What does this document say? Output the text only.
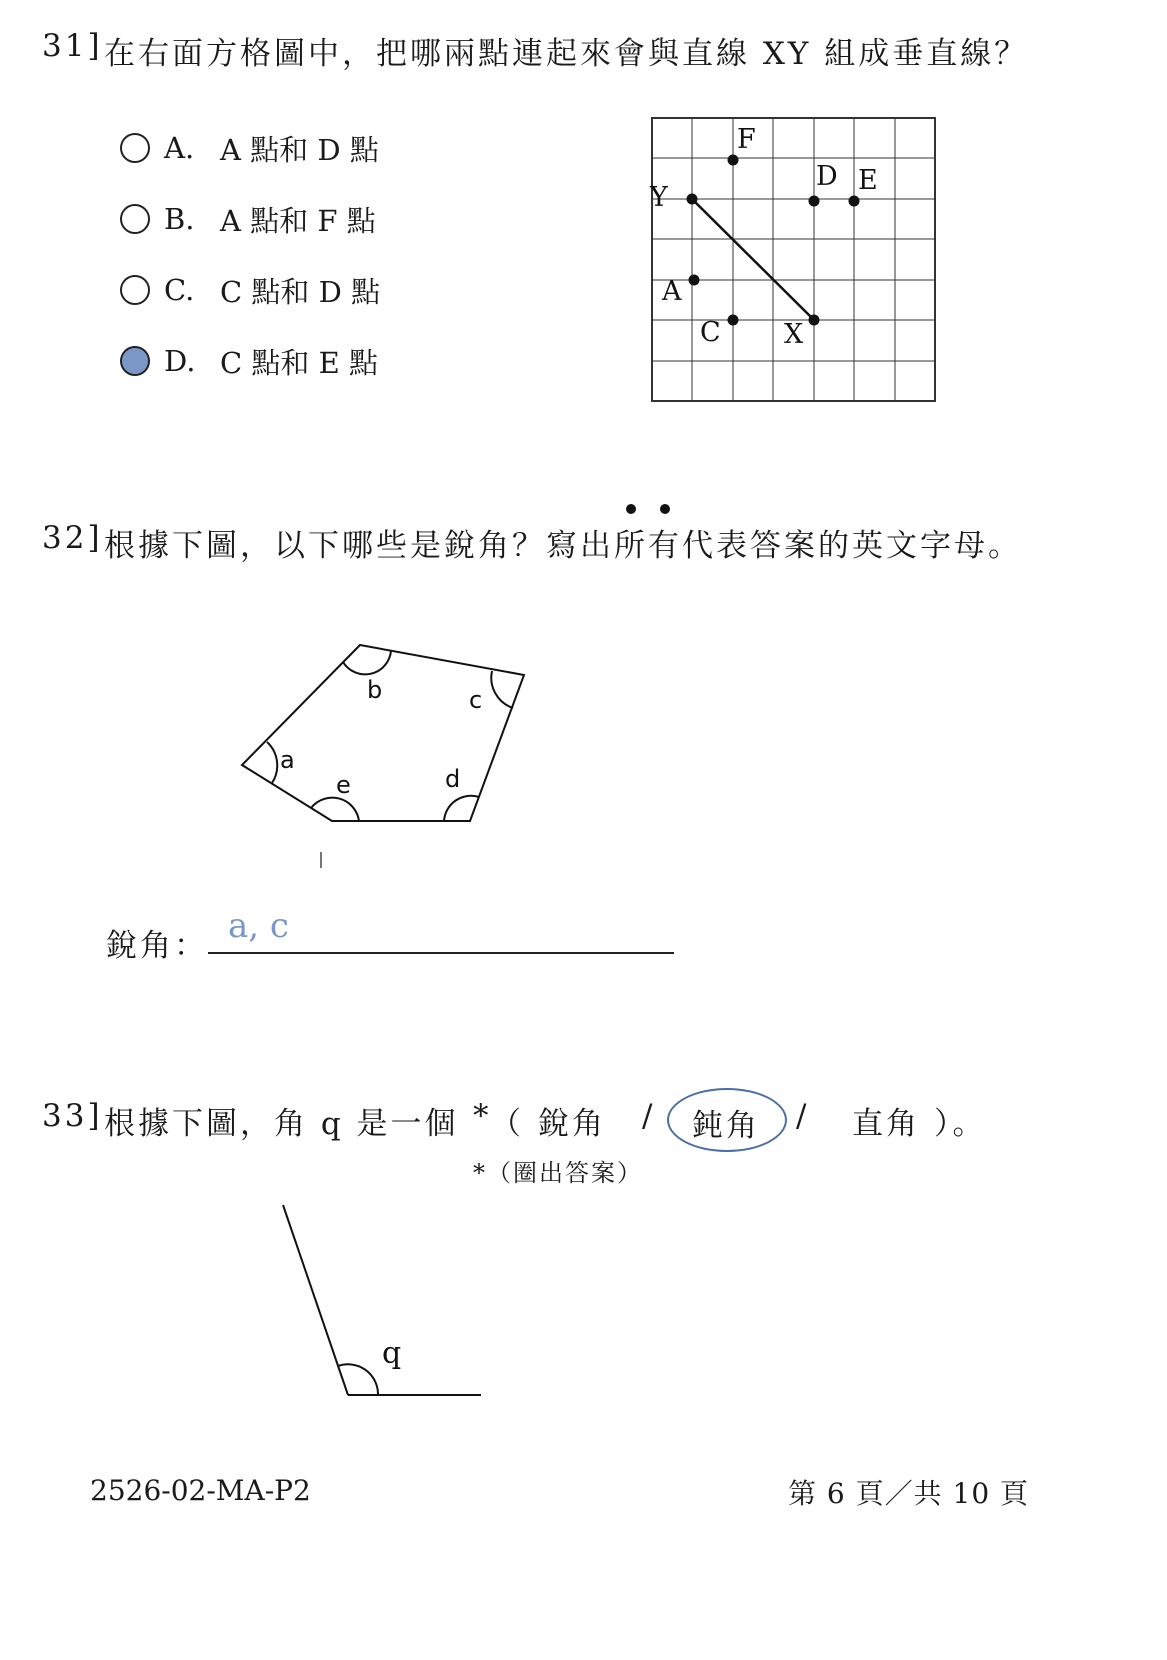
31] 在右面方格圖中，把哪兩點連起來會與直線 XY 組成垂直線？
A. A 點和 D 點
B. A 點和 F 點
C. C 點和 D 點
D. C 點和 E 點
F
Y
D E
A
C X
32] 根據下圖，以下哪些是銳角？寫出所有代表答案的英文字母。
a
b	c
d
e
銳角： a, c
33] 根據下圖，角 q 是一個 *
（ 銳角 / 鈍角 / 直角 ）。
*（圈出答案）
q
2526-02-MA-P2	第 6 頁／共 10 頁
